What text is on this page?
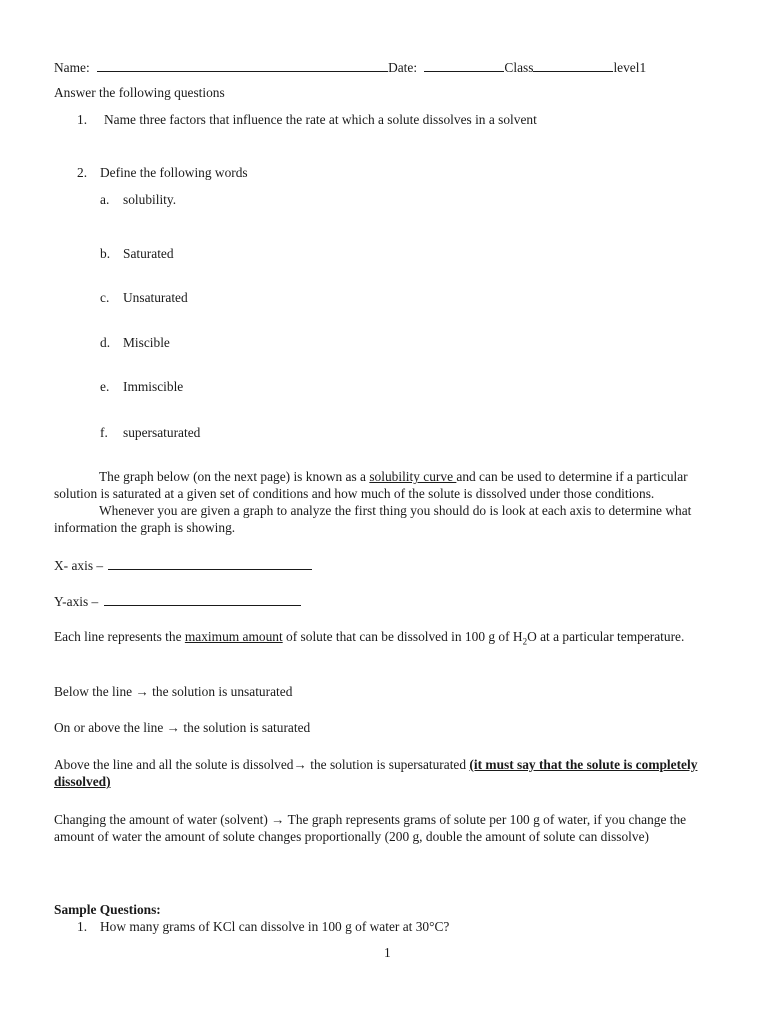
Name:	Date:	Class	level1
Answer the following questions
1. Name three factors that influence the rate at which a solute dissolves in a solvent
2. Define the following words
a. solubility.
b. Saturated
c. Unsaturated
d. Miscible
e. Immiscible
f. supersaturated

The graph below (on the next page) is known as a solubility curve and can be used to determine if a particular solution is saturated at a given set of conditions and how much of the solute is dissolved under those conditions.

Whenever you are given a graph to analyze the first thing you should do is look at each axis to determine what information the graph is showing.

X- axis –
Y-axis –

Each line represents the maximum amount of solute that can be dissolved in 100 g of $H_2O$ at a particular temperature.

Below the line → the solution is unsaturated
On or above the line → the solution is saturated

Above the line and all the solute is dissolved→ the solution is supersaturated (it must say that the solute is completely dissolved)

Changing the amount of water (solvent) → The graph represents grams of solute per 100 g of water, if you change the amount of water the amount of solute changes proportionally (200 g, double the amount of solute can dissolve)
Sample Questions:
1. How many grams of KCl can dissolve in 100 g of water at 30°C?
1
